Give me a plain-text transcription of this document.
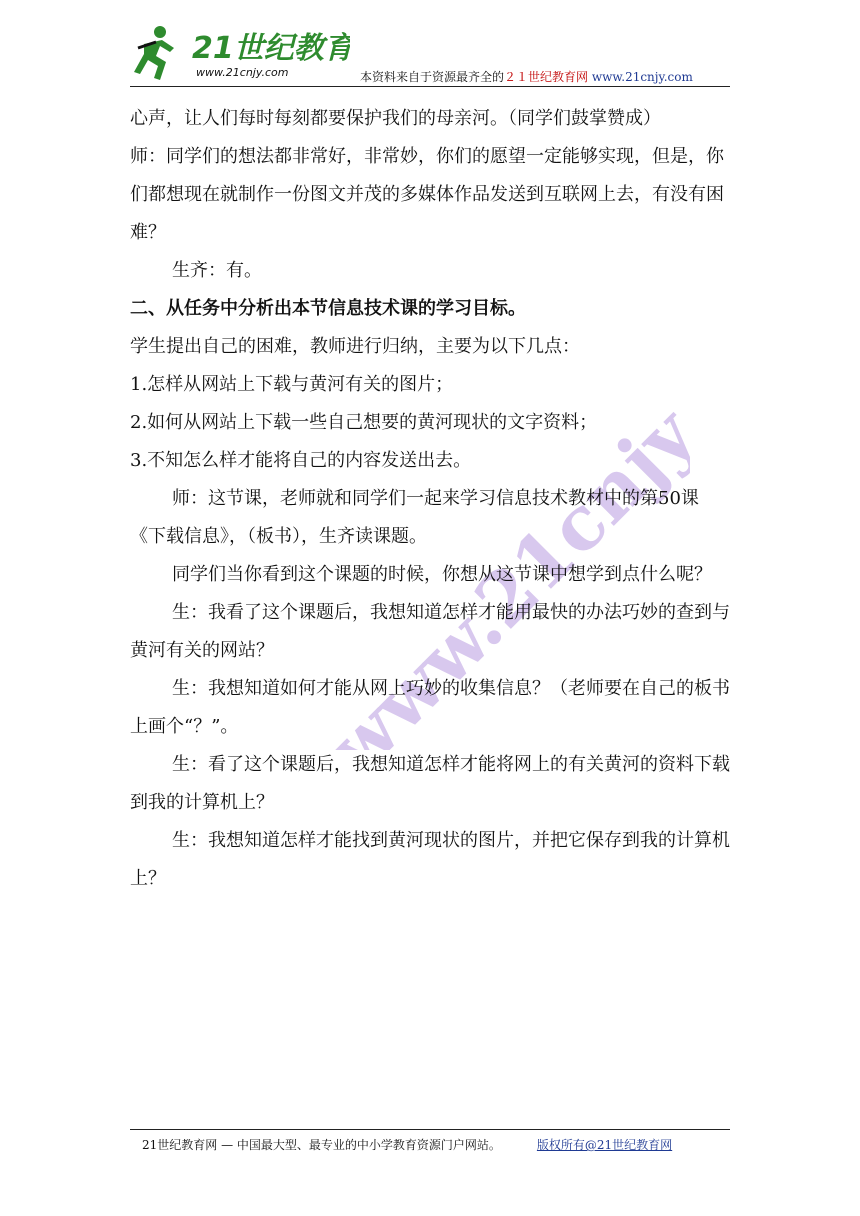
21世纪教育
www.21cnjy.com	本资料来自于资源最齐全的２１世纪教育网 www.21cnjy.com
www.21cnjy.com

心声，让人们每时每刻都要保护我们的母亲河。（同学们鼓掌赞成）

师：同学们的想法都非常好，非常妙，你们的愿望一定能够实现，但是，你们都想现在就制作一份图文并茂的多媒体作品发送到互联网上去，有没有困难？

生齐：有。

二、从任务中分析出本节信息技术课的学习目标。

学生提出自己的困难，教师进行归纳，主要为以下几点：

1.怎样从网站上下载与黄河有关的图片；

2.如何从网站上下载一些自己想要的黄河现状的文字资料；

3.不知怎么样才能将自己的内容发送出去。

师：这节课，老师就和同学们一起来学习信息技术教材中的第50课《下载信息》，（板书），生齐读课题。

同学们当你看到这个课题的时候，你想从这节课中想学到点什么呢？

生：我看了这个课题后，我想知道怎样才能用最快的办法巧妙的查到与黄河有关的网站？

生：我想知道如何才能从网上巧妙的收集信息？（老师要在自己的板书上画个“？”。

生：看了这个课题后，我想知道怎样才能将网上的有关黄河的资料下载到我的计算机上？

生：我想知道怎样才能找到黄河现状的图片，并把它保存到我的计算机上？

21世纪教育网 — 中国最大型、最专业的中小学教育资源门户网站。	版权所有@21世纪教育网
